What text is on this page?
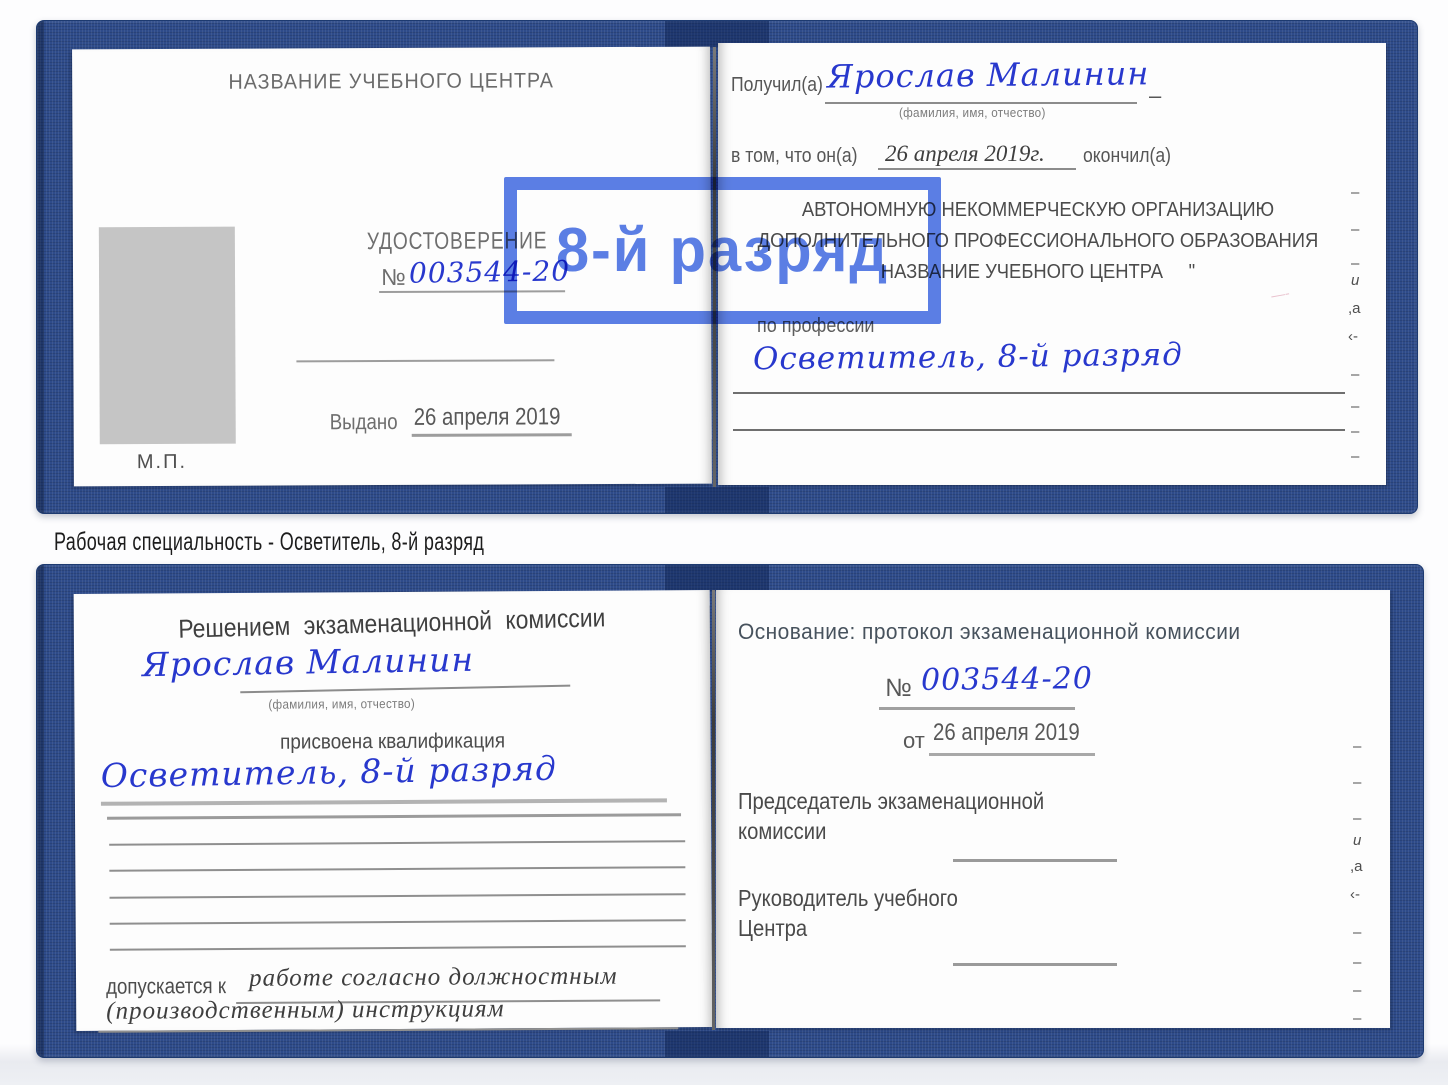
НАЗВАНИЕ УЧЕБНОГО ЦЕНТРА
М.П.
УДОСТОВЕРЕНИЕ
№ 003544-20
Выдано 26 апреля 2019
Получил(а) Ярослав Малинин –
(фамилия, имя, отчество)
в том, что он(а)	26 апреля 2019г. окончил(а)
АВТОНОМНУЮ НЕКОММЕРЧЕСКУЮ ОРГАНИЗАЦИЮ
ДОПОЛНИТЕЛЬНОГО ПРОФЕССИОНАЛЬНОГО ОБРАЗОВАНИЯ
НАЗВАНИЕ УЧЕБНОГО ЦЕНТРА "
по профессии
Осветитель, 8-й разряд
―‐
–
–
–
и
,а
‹-
–
–
–
–
8-й разряд
Рабочая специальность - Осветитель, 8-й разряд
Решением экзаменационной комиссии
Ярослав Малинин
(фамилия, имя, отчество)
присвоена квалификация
Осветитель, 8-й разряд
допускается к работе согласно должностным
(производственным) инструкциям
Основание: протокол экзаменационной комиссии
№ 003544-20
от 26 апреля 2019
Председатель экзаменационной
комиссии
Руководитель учебного
Центра
–
–
–
и
,а
‹-
–
–
–
–
